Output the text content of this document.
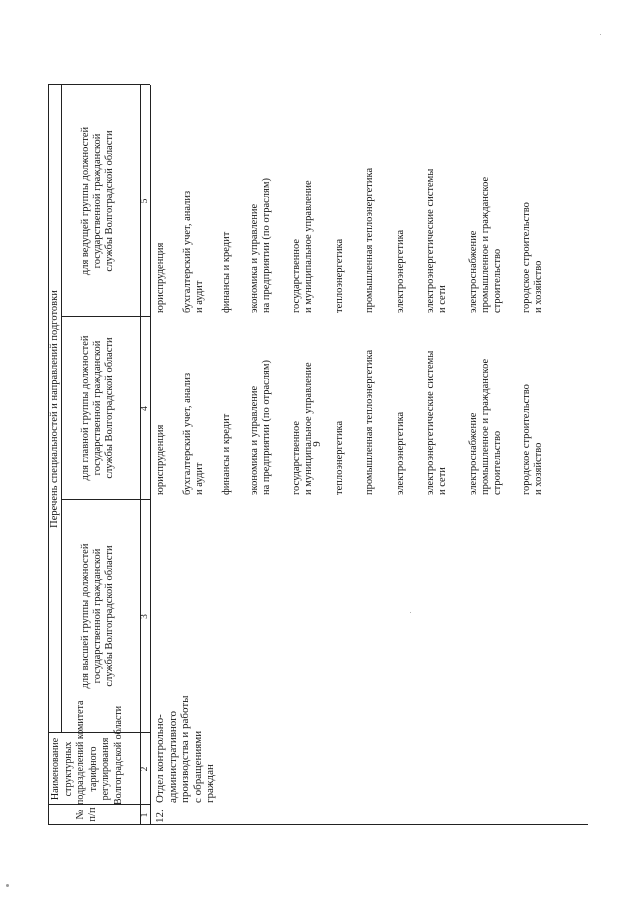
9
№
п/п
Наименование
структурных
подразделений комитета
тарифного
регулирования
Волгоградской области
Перечень специальностей и направлений подготовки
для высшей группы должностей
государственной гражданской
службы Волгоградской области
для главной группы должностей
государственной гражданской
службы Волгоградской области
для ведущей группы должностей
государственной гражданской
службы Волгоградской области
1
2
3
4
5
12.
Отдел контрольно-
административного
производства и работы
с обращениями
граждан
юриспруденция бухгалтерский учет, анализ
и аудит финансы и кредит экономика и управление
на предприятии (по отраслям)
государственное
и муниципальное управление
теплоэнергетика промышленная теплоэнергетика электроэнергетика электроэнергетические системы
и сети электроснабжение
промышленное и гражданское
строительство городское строительство
и хозяйство
юриспруденция бухгалтерский учет, анализ
и аудит финансы и кредит экономика и управление
на предприятии (по отраслям)
государственное
и муниципальное управление
теплоэнергетика промышленная теплоэнергетика электроэнергетика электроэнергетические системы
и сети электроснабжение
промышленное и гражданское
строительство городское строительство
и хозяйство
